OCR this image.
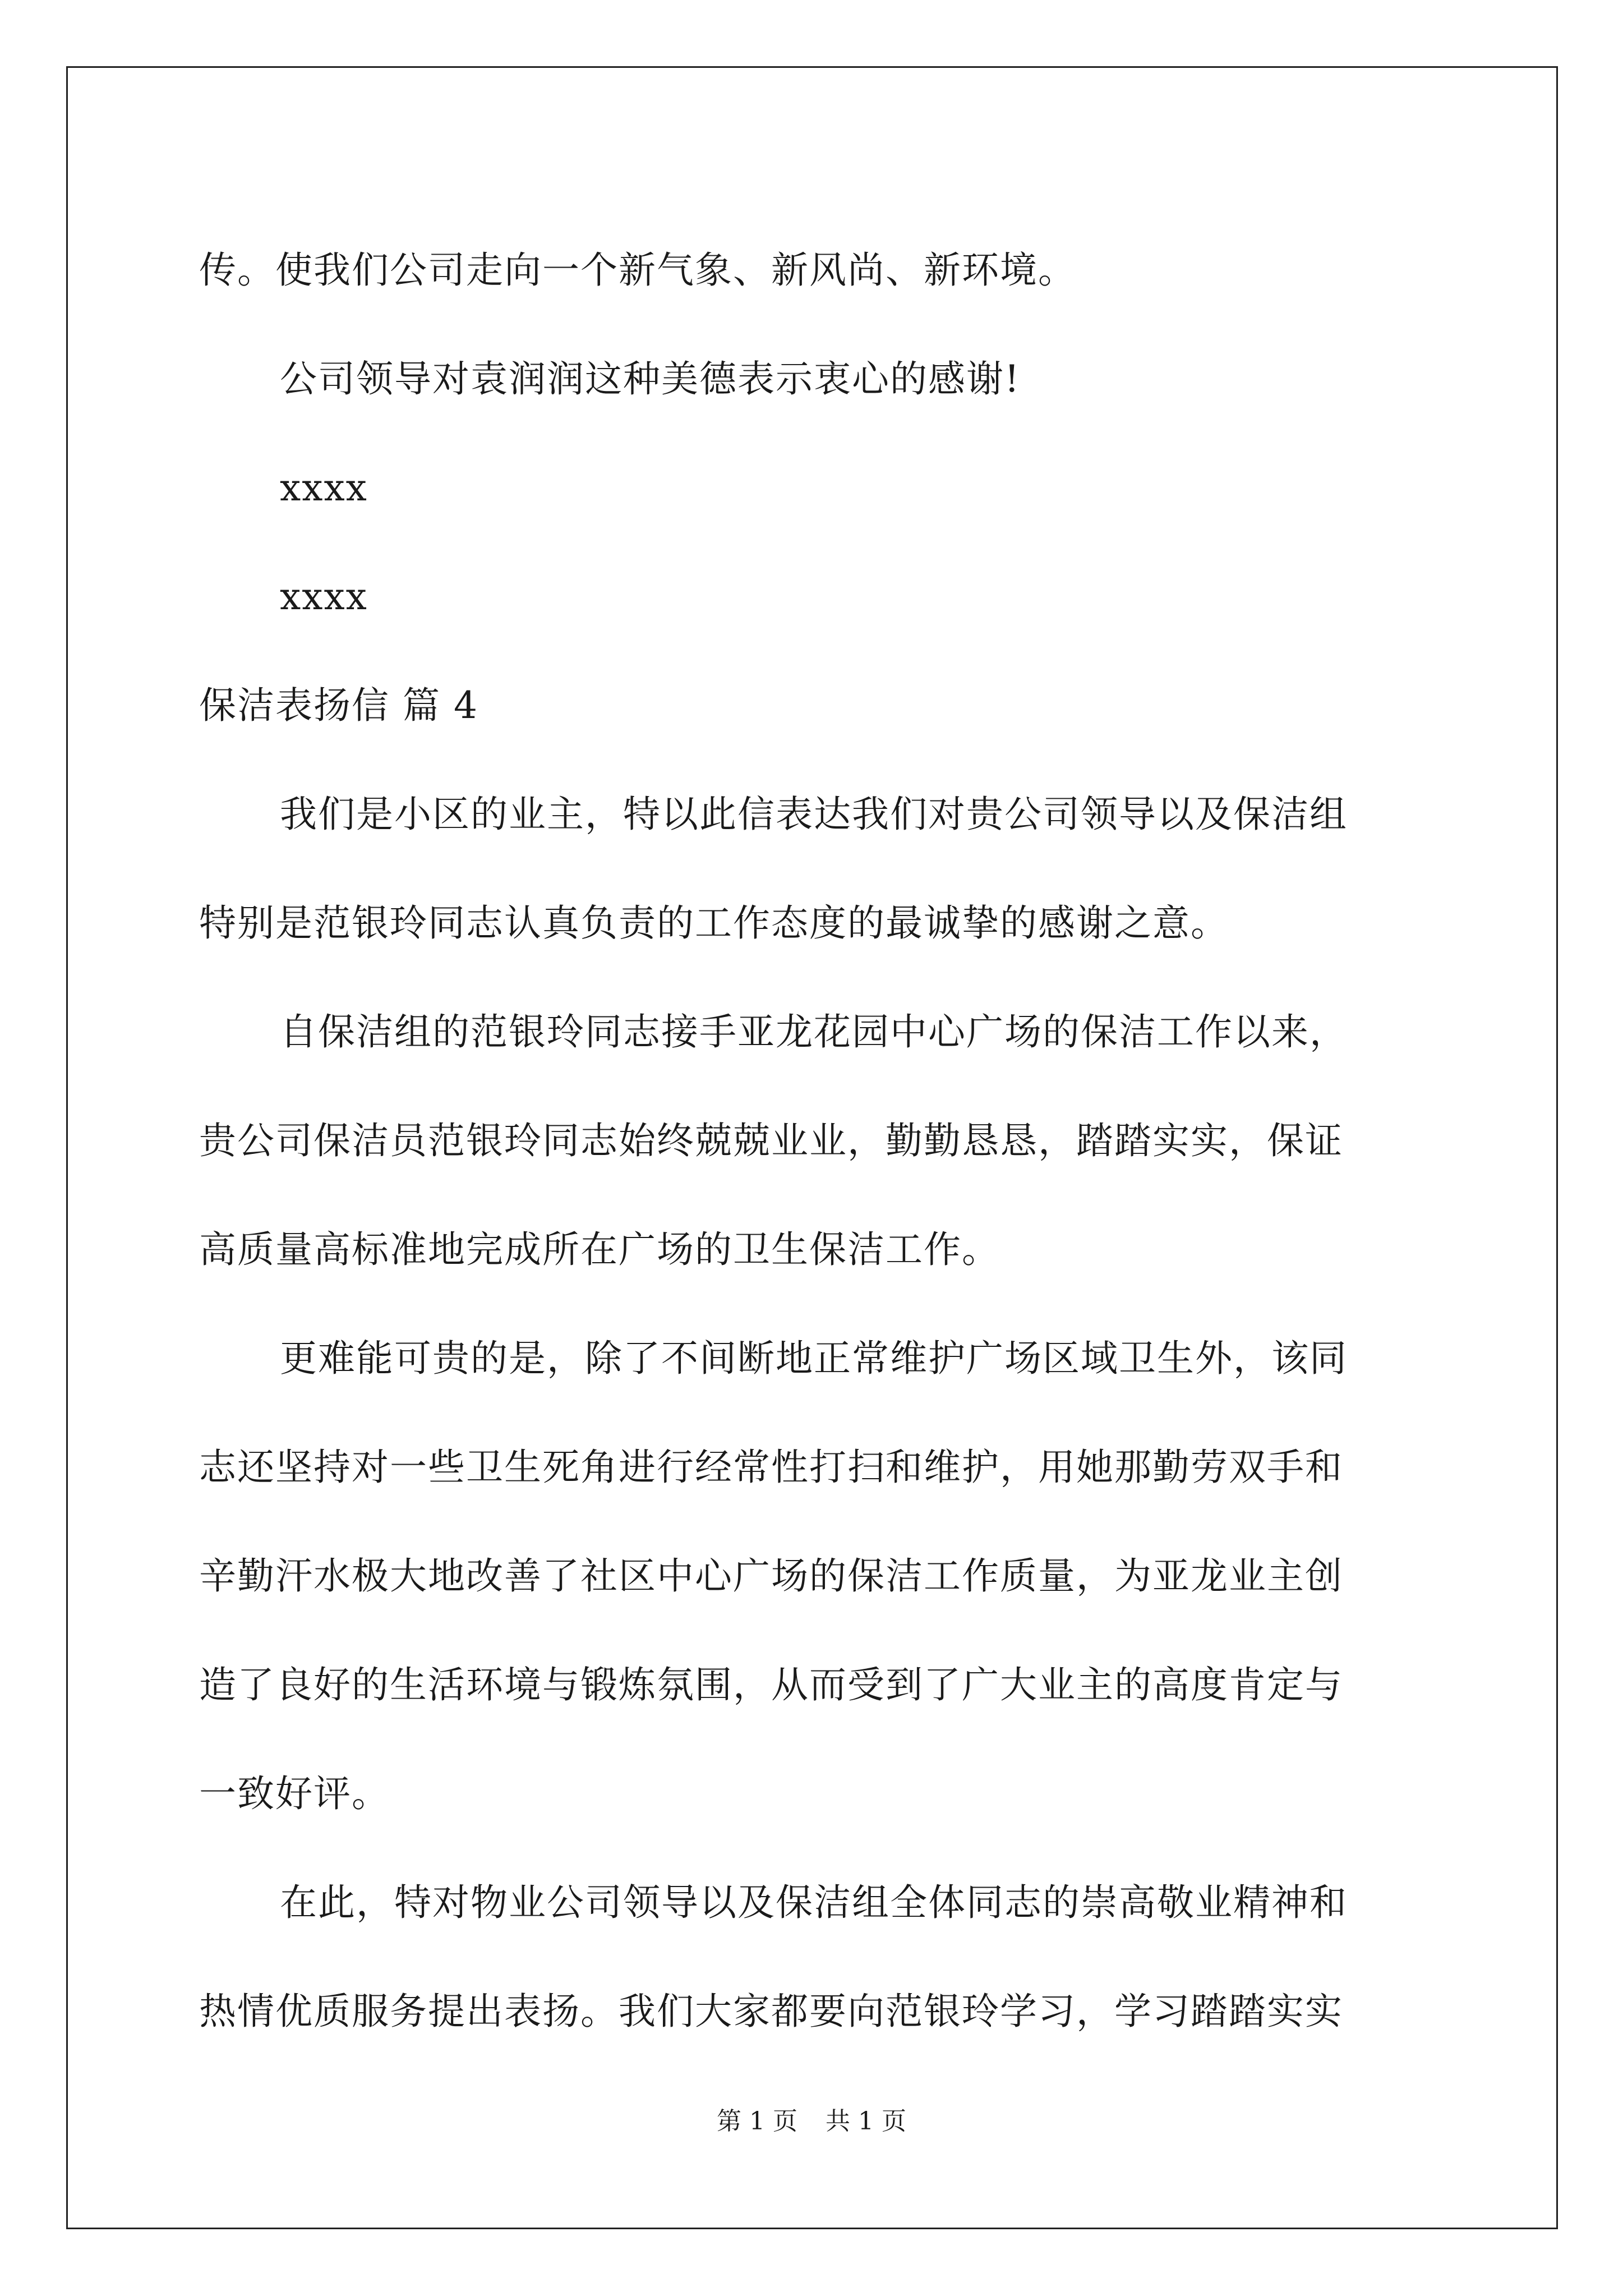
传。使我们公司走向一个新气象、新风尚、新环境。
公司领导对袁润润这种美德表示衷心的感谢!
xxxx
xxxx
保洁表扬信 篇 4
我们是小区的业主，特以此信表达我们对贵公司领导以及保洁组
特别是范银玲同志认真负责的工作态度的最诚挚的感谢之意。
自保洁组的范银玲同志接手亚龙花园中心广场的保洁工作以来，
贵公司保洁员范银玲同志始终兢兢业业，勤勤恳恳，踏踏实实，保证
高质量高标准地完成所在广场的卫生保洁工作。
更难能可贵的是，除了不间断地正常维护广场区域卫生外，该同
志还坚持对一些卫生死角进行经常性打扫和维护，用她那勤劳双手和
辛勤汗水极大地改善了社区中心广场的保洁工作质量，为亚龙业主创
造了良好的生活环境与锻炼氛围，从而受到了广大业主的高度肯定与
一致好评。
在此，特对物业公司领导以及保洁组全体同志的崇高敬业精神和
热情优质服务提出表扬。我们大家都要向范银玲学习，学习踏踏实实
第 1 页 共 1 页
